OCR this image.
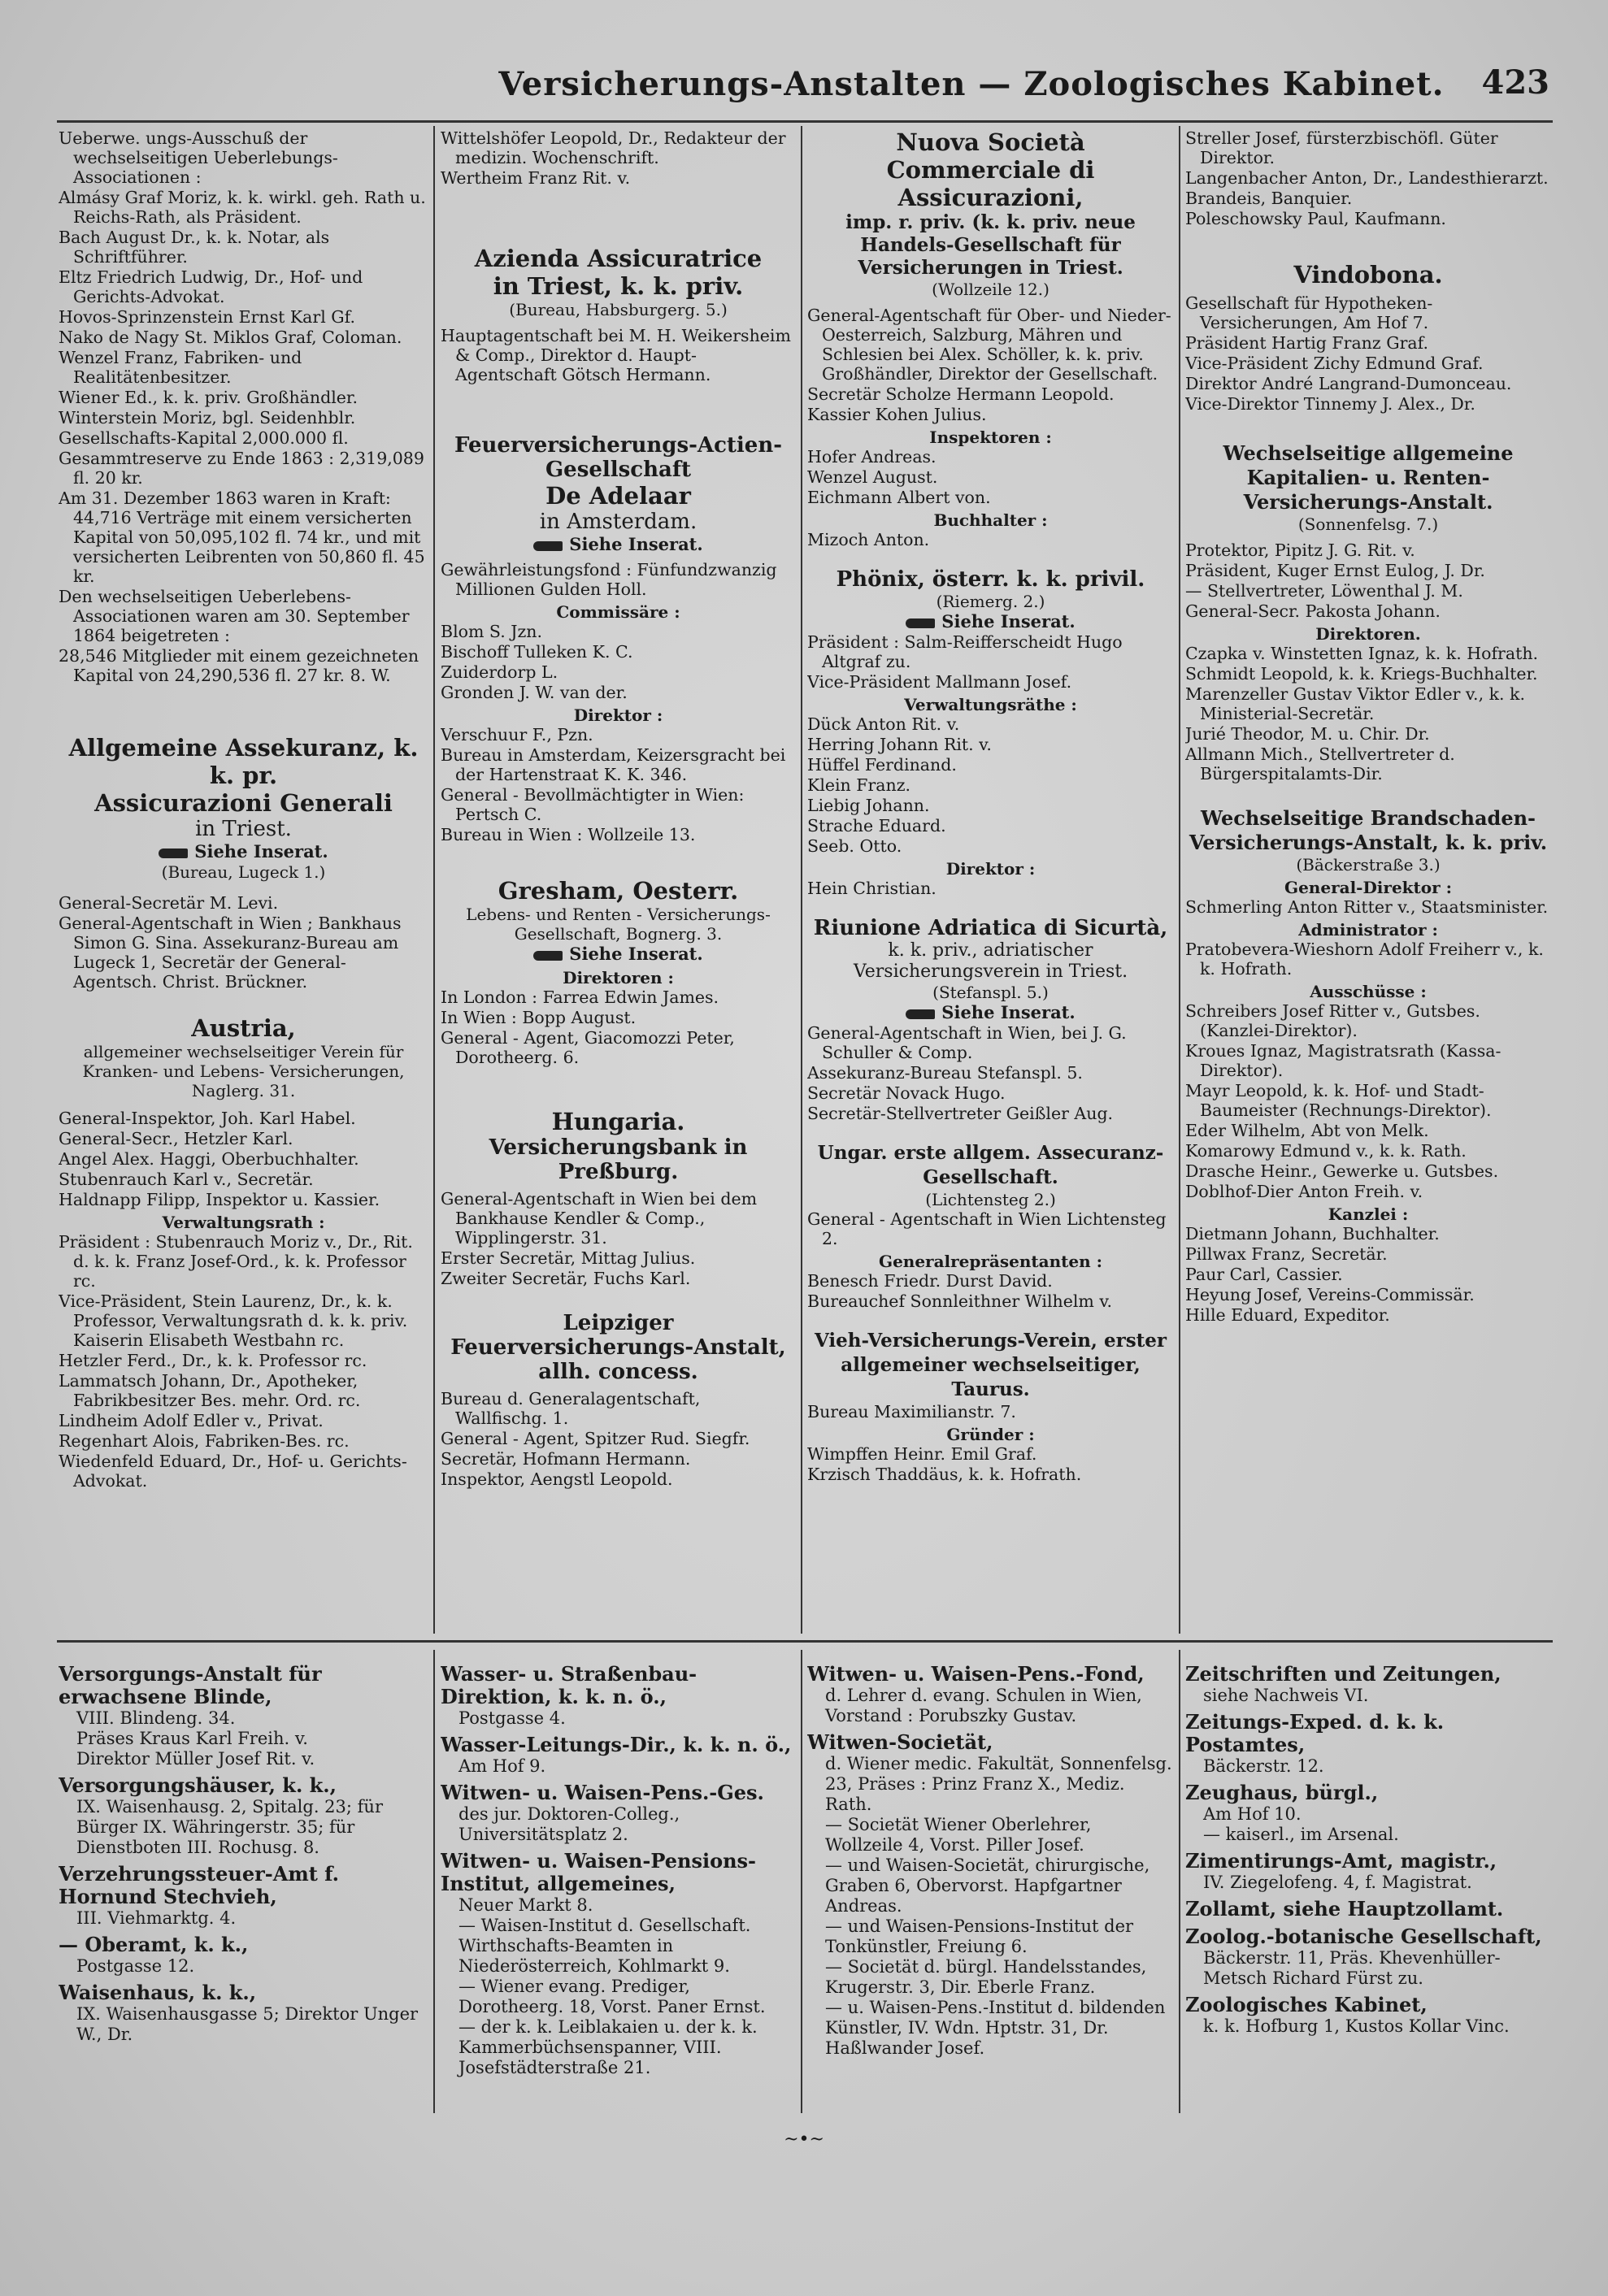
Versicherungs-Anstalten — Zoologisches Kabinet.	423
Ueberwe. ungs-Ausschuß der wechselseitigen Ueberlebungs-Associationen :
Almásy Graf Moriz, k. k. wirkl. geh. Rath u. Reichs-Rath, als Präsident.
Bach August Dr., k. k. Notar, als Schriftführer.
Eltz Friedrich Ludwig, Dr., Hof- und Gerichts-Advokat.
Hovos-Sprinzenstein Ernst Karl Gf.
Nako de Nagy St. Miklos Graf, Coloman.
Wenzel Franz, Fabriken- und Realitätenbesitzer.
Wiener Ed., k. k. priv. Großhändler.
Winterstein Moriz, bgl. Seidenhblr.
Gesellschafts-Kapital 2,000.000 fl.
Gesammtreserve zu Ende 1863 : 2,319,089 fl. 20 kr.
Am 31. Dezember 1863 waren in Kraft: 44,716 Verträge mit einem versicherten Kapital von 50,095,102 fl. 74 kr., und mit versicherten Leibrenten von 50,860 fl. 45 kr.
Den wechselseitigen Ueberlebens-Associationen waren am 30. September 1864 beigetreten :
28,546 Mitglieder mit einem gezeichneten Kapital von 24,290,536 fl. 27 kr. 8. W.
Allgemeine Assekuranz, k. k. pr.
Assicurazioni Generali
in Triest.
Siehe Inserat.
(Bureau, Lugeck 1.)
General-Secretär M. Levi.
General-Agentschaft in Wien ; Bankhaus Simon G. Sina. Assekuranz-Bureau am Lugeck 1, Secretär der General-Agentsch. Christ. Brückner.
Austria,
allgemeiner wechselseitiger Verein für Kranken- und Lebens- Versicherungen, Naglerg. 31.
General-Inspektor, Joh. Karl Habel.
General-Secr., Hetzler Karl.
Angel Alex. Haggi, Oberbuchhalter.
Stubenrauch Karl v., Secretär.
Haldnapp Filipp, Inspektor u. Kassier.
Verwaltungsrath :
Präsident : Stubenrauch Moriz v., Dr., Rit. d. k. k. Franz Josef-Ord., k. k. Professor rc.
Vice-Präsident, Stein Laurenz, Dr., k. k. Professor, Verwaltungsrath d. k. k. priv. Kaiserin Elisabeth Westbahn rc.
Hetzler Ferd., Dr., k. k. Professor rc.
Lammatsch Johann, Dr., Apotheker, Fabrikbesitzer Bes. mehr. Ord. rc.
Lindheim Adolf Edler v., Privat.
Regenhart Alois, Fabriken-Bes. rc.
Wiedenfeld Eduard, Dr., Hof- u. Gerichts-Advokat.
Wittelshöfer Leopold, Dr., Redakteur der medizin. Wochenschrift.
Wertheim Franz Rit. v.
Azienda Assicuratrice
in Triest, k. k. priv.
(Bureau, Habsburgerg. 5.)
Hauptagentschaft bei M. H. Weikersheim & Comp., Direktor d. Haupt-Agentschaft Götsch Hermann.
Feuerversicherungs-Actien-Gesellschaft
De Adelaar
in Amsterdam.
Siehe Inserat.
Gewährleistungsfond : Fünfundzwanzig Millionen Gulden Holl.
Commissäre :
Blom S. Jzn.
Bischoff Tulleken K. C.
Zuiderdorp L.
Gronden J. W. van der.
Direktor :
Verschuur F., Pzn.
Bureau in Amsterdam, Keizersgracht bei der Hartenstraat K. K. 346.
General - Bevollmächtigter in Wien: Pertsch C.
Bureau in Wien : Wollzeile 13.
Gresham, Oesterr.
Lebens- und Renten - Versicherungs-Gesellschaft, Bognerg. 3.
Siehe Inserat.
Direktoren :
In London : Farrea Edwin James.
In Wien : Bopp August.
General - Agent, Giacomozzi Peter, Dorotheerg. 6.
Hungaria.
Versicherungsbank in Preßburg.
General-Agentschaft in Wien bei dem Bankhause Kendler & Comp., Wipplingerstr. 31.
Erster Secretär, Mittag Julius.
Zweiter Secretär, Fuchs Karl.
Leipziger Feuerversicherungs-Anstalt, allh. concess.
Bureau d. Generalagentschaft, Wallfischg. 1.
General - Agent, Spitzer Rud. Siegfr.
Secretär, Hofmann Hermann.
Inspektor, Aengstl Leopold.
Nuova Società Commerciale di Assicurazioni,
imp. r. priv. (k. k. priv. neue Handels-Gesellschaft für Versicherungen in Triest.
(Wollzeile 12.)
General-Agentschaft für Ober- und Nieder-Oesterreich, Salzburg, Mähren und Schlesien bei Alex. Schöller, k. k. priv. Großhändler, Direktor der Gesellschaft.
Secretär Scholze Hermann Leopold.
Kassier Kohen Julius.
Inspektoren :
Hofer Andreas.
Wenzel August.
Eichmann Albert von.
Buchhalter :
Mizoch Anton.
Phönix, österr. k. k. privil.
(Riemerg. 2.)
Siehe Inserat.
Präsident : Salm-Reifferscheidt Hugo Altgraf zu.
Vice-Präsident Mallmann Josef.
Verwaltungsräthe :
Dück Anton Rit. v.
Herring Johann Rit. v.
Hüffel Ferdinand.
Klein Franz.
Liebig Johann.
Strache Eduard.
Seeb. Otto.
Direktor :
Hein Christian.
Riunione Adriatica di Sicurtà,
k. k. priv., adriatischer Versicherungsverein in Triest.
(Stefanspl. 5.)
Siehe Inserat.
General-Agentschaft in Wien, bei J. G. Schuller & Comp.
Assekuranz-Bureau Stefanspl. 5.
Secretär Novack Hugo.
Secretär-Stellvertreter Geißler Aug.
Ungar. erste allgem. Assecuranz-Gesellschaft.
(Lichtensteg 2.)
General - Agentschaft in Wien Lichtensteg 2.
Generalrepräsentanten :
Benesch Friedr. Durst David.
Bureauchef Sonnleithner Wilhelm v.
Vieh-Versicherungs-Verein, erster allgemeiner wechselseitiger, Taurus.
Bureau Maximilianstr. 7.
Gründer :
Wimpffen Heinr. Emil Graf.
Krzisch Thaddäus, k. k. Hofrath.
Streller Josef, fürsterzbischöfl. Güter Direktor.
Langenbacher Anton, Dr., Landesthierarzt.
Brandeis, Banquier.
Poleschowsky Paul, Kaufmann.
Vindobona.
Gesellschaft für Hypotheken-Versicherungen, Am Hof 7.
Präsident Hartig Franz Graf.
Vice-Präsident Zichy Edmund Graf.
Direktor André Langrand-Dumonceau.
Vice-Direktor Tinnemy J. Alex., Dr.
Wechselseitige allgemeine Kapitalien- u. Renten-Versicherungs-Anstalt.
(Sonnenfelsg. 7.)
Protektor, Pipitz J. G. Rit. v.
Präsident, Kuger Ernst Eulog, J. Dr.
— Stellvertreter, Löwenthal J. M.
General-Secr. Pakosta Johann.
Direktoren.
Czapka v. Winstetten Ignaz, k. k. Hofrath.
Schmidt Leopold, k. k. Kriegs-Buchhalter.
Marenzeller Gustav Viktor Edler v., k. k. Ministerial-Secretär.
Jurié Theodor, M. u. Chir. Dr.
Allmann Mich., Stellvertreter d. Bürgerspitalamts-Dir.
Wechselseitige Brandschaden-Versicherungs-Anstalt, k. k. priv.
(Bäckerstraße 3.)
General-Direktor :
Schmerling Anton Ritter v., Staatsminister.
Administrator :
Pratobevera-Wieshorn Adolf Freiherr v., k. k. Hofrath.
Ausschüsse :
Schreibers Josef Ritter v., Gutsbes. (Kanzlei-Direktor).
Kroues Ignaz, Magistratsrath (Kassa-Direktor).
Mayr Leopold, k. k. Hof- und Stadt-Baumeister (Rechnungs-Direktor).
Eder Wilhelm, Abt von Melk.
Komarowy Edmund v., k. k. Rath.
Drasche Heinr., Gewerke u. Gutsbes.
Doblhof-Dier Anton Freih. v.
Kanzlei :
Dietmann Johann, Buchhalter.
Pillwax Franz, Secretär.
Paur Carl, Cassier.
Heyung Josef, Vereins-Commissär.
Hille Eduard, Expeditor.
Versorgungs-Anstalt für erwachsene Blinde,
VIII. Blindeng. 34.
Präses Kraus Karl Freih. v.
Direktor Müller Josef Rit. v.
Versorgungshäuser, k. k.,
IX. Waisenhausg. 2, Spitalg. 23; für Bürger IX. Währingerstr. 35; für Dienstboten III. Rochusg. 8.
Verzehrungssteuer-Amt f. Hornund Stechvieh,
III. Viehmarktg. 4.
— Oberamt, k. k.,
Postgasse 12.
Waisenhaus, k. k.,
IX. Waisenhausgasse 5; Direktor Unger W., Dr.
Wasser- u. Straßenbau-Direktion, k. k. n. ö.,
Postgasse 4.
Wasser-Leitungs-Dir., k. k. n. ö.,
Am Hof 9.
Witwen- u. Waisen-Pens.-Ges.
des jur. Doktoren-Colleg., Universitätsplatz 2.
Witwen- u. Waisen-Pensions-Institut, allgemeines,
Neuer Markt 8.
— Waisen-Institut d. Gesellschaft. Wirthschafts-Beamten in Niederösterreich, Kohlmarkt 9.
— Wiener evang. Prediger, Dorotheerg. 18, Vorst. Paner Ernst.
— der k. k. Leiblakaien u. der k. k. Kammerbüchsenspanner, VIII. Josefstädterstraße 21.
Witwen- u. Waisen-Pens.-Fond,
d. Lehrer d. evang. Schulen in Wien, Vorstand : Porubszky Gustav.
Witwen-Societät,
d. Wiener medic. Fakultät, Sonnenfelsg. 23, Präses : Prinz Franz X., Mediz. Rath.
— Societät Wiener Oberlehrer, Wollzeile 4, Vorst. Piller Josef.
— und Waisen-Societät, chirurgische, Graben 6, Obervorst. Hapfgartner Andreas.
— und Waisen-Pensions-Institut der Tonkünstler, Freiung 6.
— Societät d. bürgl. Handelsstandes, Krugerstr. 3, Dir. Eberle Franz.
— u. Waisen-Pens.-Institut d. bildenden Künstler, IV. Wdn. Hptstr. 31, Dr. Haßlwander Josef.
Zeitschriften und Zeitungen,
siehe Nachweis VI.
Zeitungs-Exped. d. k. k. Postamtes,
Bäckerstr. 12.
Zeughaus, bürgl.,
Am Hof 10.
— kaiserl., im Arsenal.
Zimentirungs-Amt, magistr.,
IV. Ziegelofeng. 4, f. Magistrat.
Zollamt, siehe Hauptzollamt.
Zoolog.-botanische Gesellschaft,
Bäckerstr. 11, Präs. Khevenhüller-Metsch Richard Fürst zu.
Zoologisches Kabinet,
k. k. Hofburg 1, Kustos Kollar Vinc.
~•~
